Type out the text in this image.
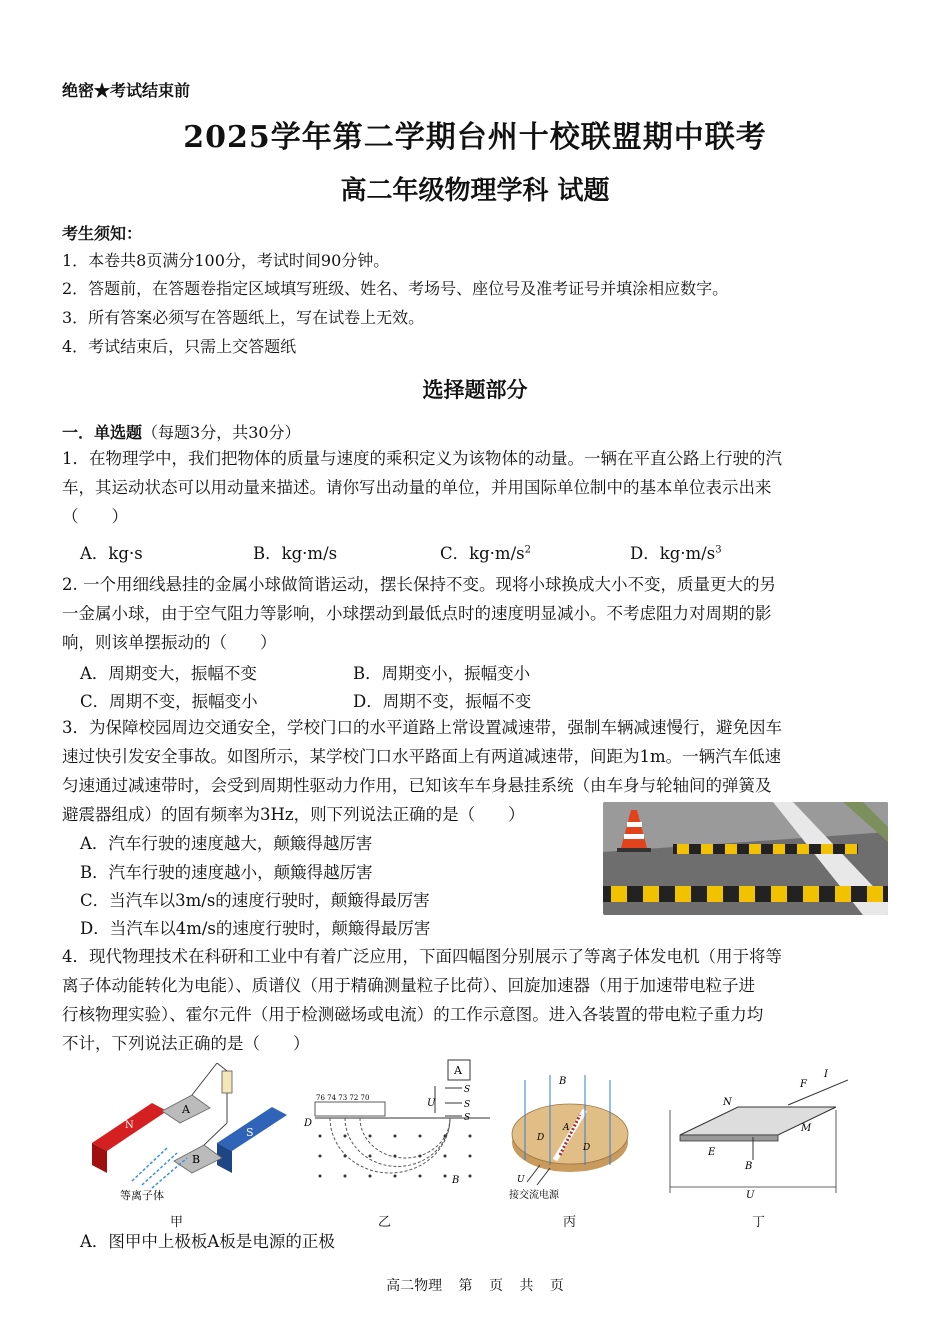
绝密★考试结束前
2025学年第二学期台州十校联盟期中联考
高二年级物理学科 试题
考生须知：
1．本卷共8页满分100分，考试时间90分钟。
2．答题前，在答题卷指定区域填写班级、姓名、考场号、座位号及准考证号并填涂相应数字。
3．所有答案必须写在答题纸上，写在试卷上无效。
4．考试结束后，只需上交答题纸
选择题部分
一．单选题（每题3分，共30分）
1．在物理学中，我们把物体的质量与速度的乘积定义为该物体的动量。一辆在平直公路上行驶的汽
车，其运动状态可以用动量来描述。请你写出动量的单位，并用国际单位制中的基本单位表示出来
（　　）
A．kg·s	B．kg·m/s	C．$kg\cdot m/s^2$	D．$kg\cdot m/s^3$
2. 一个用细线悬挂的金属小球做简谐运动，摆长保持不变。现将小球换成大小不变，质量更大的另
一金属小球，由于空气阻力等影响，小球摆动到最低点时的速度明显减小。不考虑阻力对周期的影
响，则该单摆振动的（　　）
A．周期变大，振幅不变	B．周期变小，振幅变小
C．周期不变，振幅变小	D．周期不变，振幅不变
3．为保障校园周边交通安全，学校门口的水平道路上常设置减速带，强制车辆减速慢行，避免因车
速过快引发安全事故。如图所示，某学校门口水平路面上有两道减速带，间距为1m。一辆汽车低速
匀速通过减速带时，会受到周期性驱动力作用，已知该车车身悬挂系统（由车身与轮轴间的弹簧及
避震器组成）的固有频率为3Hz，则下列说法正确的是（　　）
A．汽车行驶的速度越大，颠簸得越厉害
B．汽车行驶的速度越小，颠簸得越厉害
C．当汽车以3m/s的速度行驶时，颠簸得最厉害
D．当汽车以4m/s的速度行驶时，颠簸得最厉害
4．现代物理技术在科研和工业中有着广泛应用，下面四幅图分别展示了等离子体发电机（用于将等
离子体动能转化为电能）、质谱仪（用于精确测量粒子比荷）、回旋加速器（用于加速带电粒子进
行核物理实验）、霍尔元件（用于检测磁场或电流）的工作示意图。进入各装置的带电粒子重力均
不计，下列说法正确的是（　　）
N
S
A
B
等离子体
甲
A
U
S
S
S
76 74 73 72 70
D
B
乙
B
A
D
D
U
接交流电源
丙
N
F
I
M
E
B
U
丁
A．图甲中上极板A板是电源的正极
高二物理 第 页 共 页
